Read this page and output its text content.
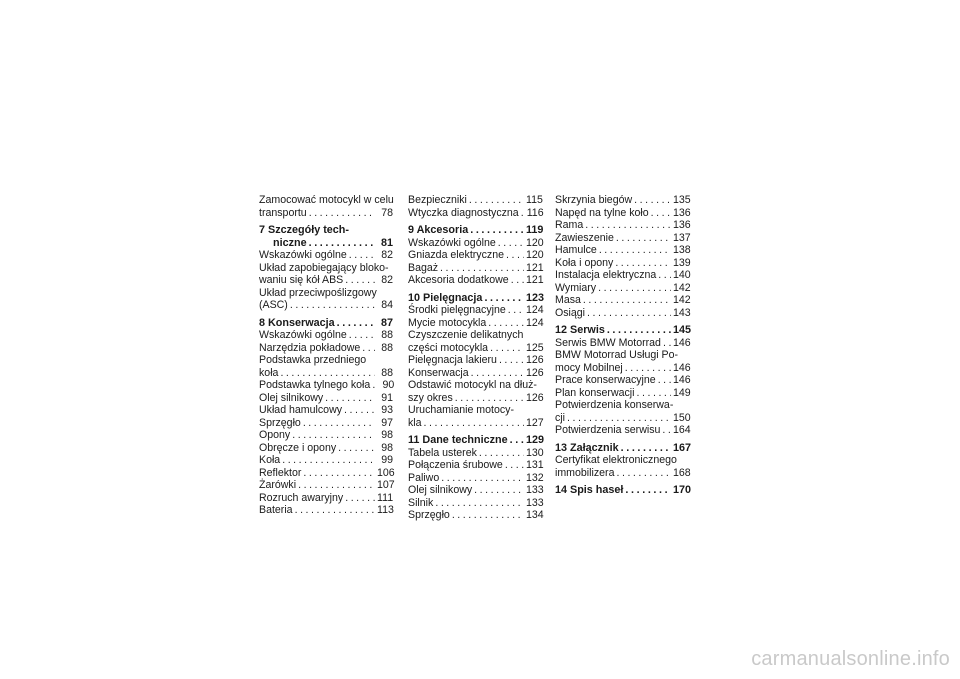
Zamocować motocykl w celu
transportu . . .	78
7 Szczegóły tech-
niczne . . .	81
Wskazówki ogólne . . .	82
Układ zapobiegający bloko-
waniu się kół ABS . . .	82
Układ przeciwpoślizgowy
(ASC) . . .	84
8 Konserwacja . . .	87
Wskazówki ogólne . . .	88
Narzędzia pokładowe . . .	88
Podstawka przedniego
koła . . .	88
Podstawka tylnego koła . . .	90
Olej silnikowy . . .	91
Układ hamulcowy . . .	93
Sprzęgło . . .	97
Opony . . .	98
Obręcze i opony . . .	98
Koła . . .	99
Reflektor . . .	106
Żarówki . . .	107
Rozruch awaryjny . . .	111
Bateria . . .	113
Bezpieczniki . . .	115
Wtyczka diagnostyczna . . . 116
9 Akcesoria . . .	119
Wskazówki ogólne . . .	120
Gniazda elektryczne . . . 120
Bagaż . . .	121
Akcesoria dodatkowe . . . 121
10 Pielęgnacja . . .	123
Środki pielęgnacyjne . . . 124
Mycie motocykla . . .	124
Czyszczenie delikatnych
części motocykla . . .	125
Pielęgnacja lakieru . . .	126
Konserwacja . . .	126
Odstawić motocykl na dłuż-
szy okres . . .	126
Uruchamianie motocy-
kla . . .	127
11 Dane techniczne . . . 129
Tabela usterek . . .	130
Połączenia śrubowe . . . 131
Paliwo . . .	132
Olej silnikowy . . .	133
Silnik . . .	133
Sprzęgło . . .	134
Skrzynia biegów . . .	135
Napęd na tylne koło . . . 136
Rama . . .	136
Zawieszenie . . .	137
Hamulce . . .	138
Koła i opony . . .	139
Instalacja elektryczna . . . 140
Wymiary . . .	142
Masa . . .	142
Osiągi . . .	143
12 Serwis . . .	145
Serwis BMW Motorrad . . . 146
BMW Motorrad Usługi Po-
mocy Mobilnej . . .	146
Prace konserwacyjne . . . 146
Plan konserwacji . . .	149
Potwierdzenia konserwa-
cji . . .	150
Potwierdzenia serwisu . . . 164
13 Załącznik . . .	167
Certyfikat elektronicznego
immobilizera . . .	168
14 Spis haseł . . .	170
carmanualsonline.info
